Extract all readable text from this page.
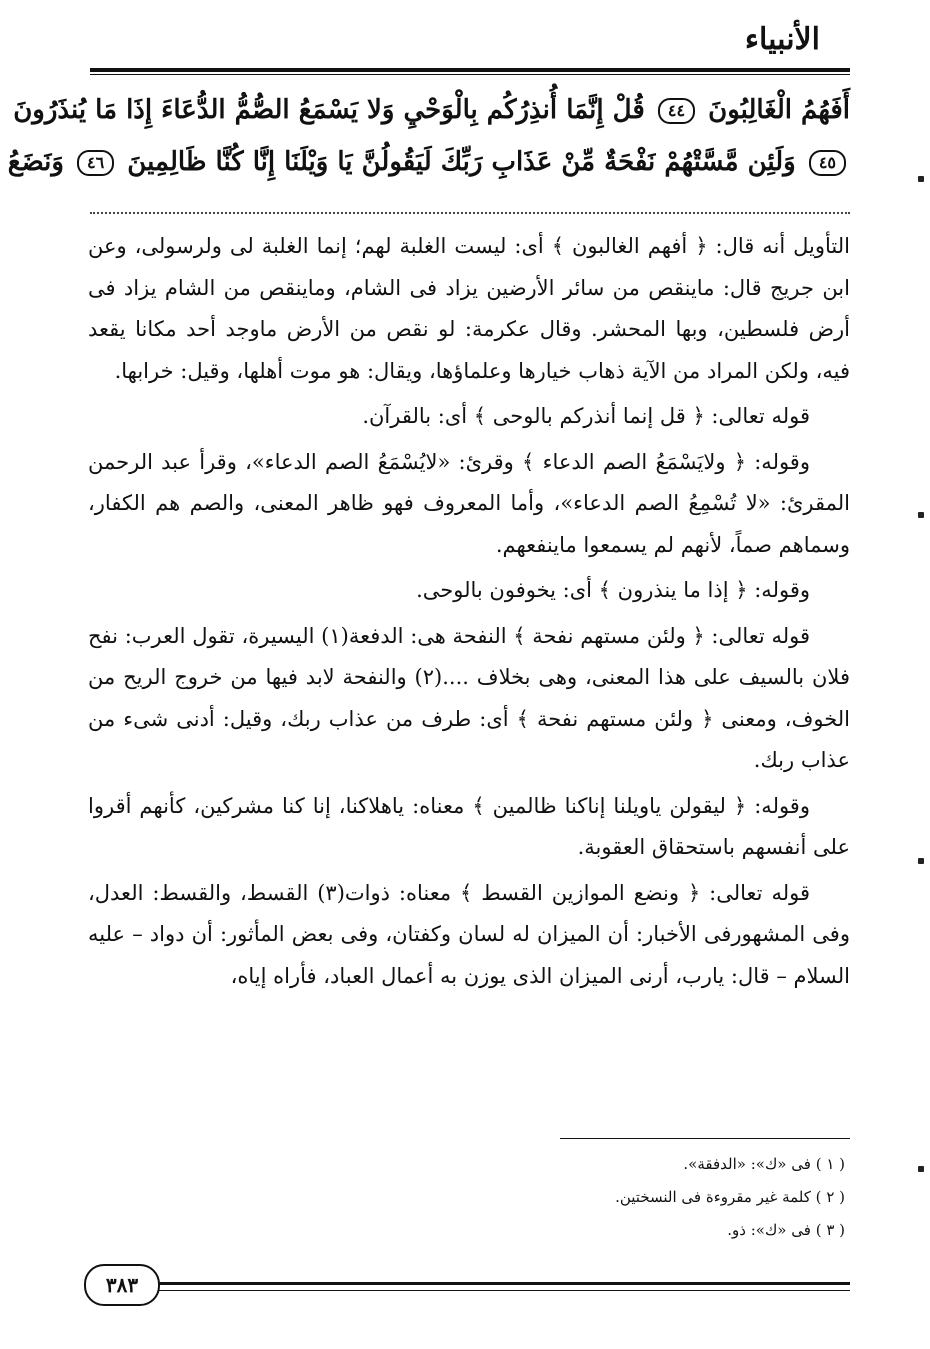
الأنبياء
أَفَهُمُ الْغَالِبُونَ ٤٤ قُلْ إِنَّمَا أُنذِرُكُم بِالْوَحْيِ وَلا يَسْمَعُ الصُّمُّ الدُّعَاءَ إِذَا مَا يُنذَرُونَ
٤٥ وَلَئِن مَّسَّتْهُمْ نَفْحَةٌ مِّنْ عَذَابِ رَبِّكَ لَيَقُولُنَّ يَا وَيْلَنَا إِنَّا كُنَّا ظَالِمِينَ ٤٦ وَنَضَعُ

التأويل أنه قال: ﴿ أفهم الغالبون ﴾ أى: ليست الغلبة لهم؛ إنما الغلبة لى ولرسولى، وعن ابن جريج قال: ماينقص من سائر الأرضين يزاد فى الشام، وماينقص من الشام يزاد فى أرض فلسطين، وبها المحشر. وقال عكرمة: لو نقص من الأرض ماوجد أحد مكانا يقعد فيه، ولكن المراد من الآية ذهاب خيارها وعلماؤها، ويقال: هو موت أهلها، وقيل: خرابها.

قوله تعالى: ﴿ قل إنما أنذركم بالوحى ﴾ أى: بالقرآن.

وقوله: ﴿ ولايَسْمَعُ الصم الدعاء ﴾ وقرئ: «لايُسْمَعُ الصم الدعاء»، وقرأ عبد الرحمن المقرئ: «لا تُسْمِعُ الصم الدعاء»، وأما المعروف فهو ظاهر المعنى، والصم هم الكفار، وسماهم صماً، لأنهم لم يسمعوا ماينفعهم.

وقوله: ﴿ إذا ما ينذرون ﴾ أى: يخوفون بالوحى.

قوله تعالى: ﴿ ولئن مستهم نفحة ﴾ النفحة هى: الدفعة(١) اليسيرة، تقول العرب: نفح فلان بالسيف على هذا المعنى، وهى بخلاف ....(٢) والنفحة لابد فيها من خروج الريح من الخوف، ومعنى ﴿ ولئن مستهم نفحة ﴾ أى: طرف من عذاب ربك، وقيل: أدنى شىء من عذاب ربك.

وقوله: ﴿ ليقولن ياويلنا إناكنا ظالمين ﴾ معناه: ياهلاكنا، إنا كنا مشركين، كأنهم أقروا على أنفسهم باستحقاق العقوبة.

قوله تعالى: ﴿ ونضع الموازين القسط ﴾ معناه: ذوات(٣) القسط، والقسط: العدل، وفى المشهورفى الأخبار: أن الميزان له لسان وكفتان، وفى بعض المأثور: أن دواد – عليه السلام – قال: يارب، أرنى الميزان الذى يوزن به أعمال العباد، فأراه إياه،

( ١ ) فى «ك»: «الدفقة».
( ٢ ) كلمة غير مقروءة فى النسختين.
( ٣ ) فى «ك»: ذو.
٣٨٣
